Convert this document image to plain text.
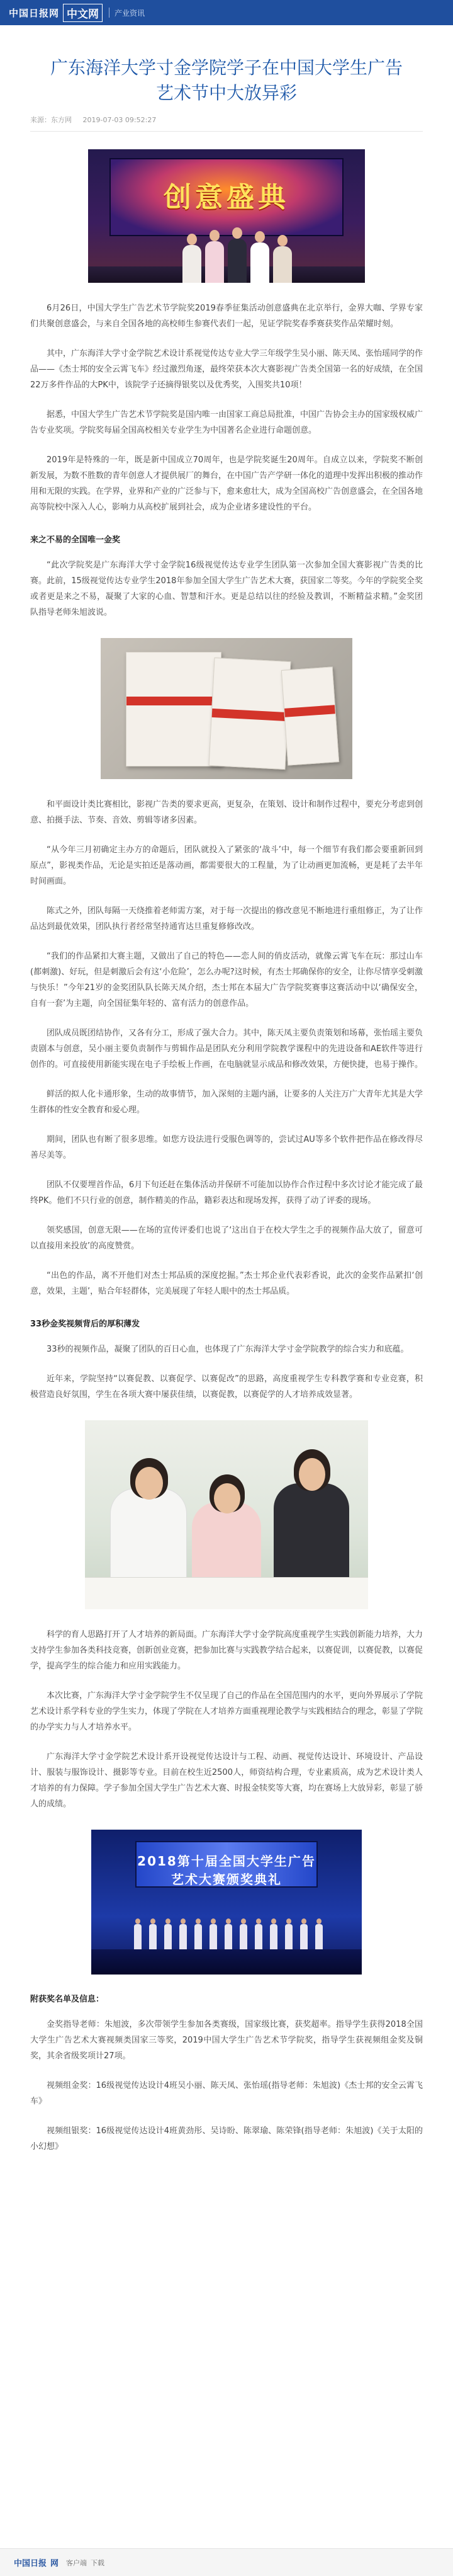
中国日报网 中文网	产业资讯
广东海洋大学寸金学院学子在中国大学生广告艺术节中大放异彩
来源：东方网 2019-07-03 09:52:27
创意盛典

6月26日，中国大学生广告艺术节学院奖2019春季征集活动创意盛典在北京举行，金界大咖、学界专家们共聚创意盛会，与来自全国各地的高校师生参赛代表们一起，见证学院奖春季赛获奖作品荣耀时刻。

其中，广东海洋大学寸金学院艺术设计系视觉传达专业大学三年级学生吴小丽、陈天凤、张怡瑶同学的作品——《杰士邦的安全云霄飞车》经过激烈角逐，最终荣获本次大赛影视广告类全国第一名的好成绩，在全国22万多件作品的大PK中，该院学子还摘得银奖以及优秀奖，入围奖共10项！

据悉，中国大学生广告艺术节学院奖是国内唯一由国家工商总局批准，中国广告协会主办的国家级权威广告专业奖项。学院奖每届全国高校相关专业学生为中国著名企业进行命题创意。

2019年是特殊的一年，既是新中国成立70周年，也是学院奖诞生20周年。自成立以来，学院奖不断创新发展，为数不胜数的青年创意人才提供展厂的舞台，在中国广告产学研一体化的道理中发挥出积极的推动作用和无限的实践。在学界，业界和产业的广泛参与下，愈来愈壮大，成为全国高校广告创意盛会，在全国各地高等院校中深入人心，影响力从高校扩展到社会，成为企业诸多建设性的平台。

来之不易的全国唯一金奖

“此次学院奖是广东海洋大学寸金学院16级视觉传达专业学生团队第一次参加全国大赛影视广告类的比赛。此前，15级视觉传达专业学生2018年参加全国大学生广告艺术大赛，获国家二等奖。今年的学院奖全奖或者更是来之不易，凝聚了大家的心血、智慧和汗水。更是总结以往的经验及教训，不断精益求精。”金奖团队指导老师朱旭波说。

和平面设计类比赛相比，影视广告类的要求更高，更复杂，在策划、设计和制作过程中，要充分考虑到创意、拍摄手法、节奏、音效、剪辑等诸多因素。

“从今年三月初确定主办方的命题后，团队就投入了紧张的‘战斗’中，每一个细节有我们都会要重新回到原点”，影视类作品，无论是实拍还是落动画，都需要很大的工程量，为了让动画更加流畅，更是耗了去半年时间画面。

陈式之外，团队每隔一天绕推着老师需方案，对于每一次提出的修改意见不断地进行重组修正，为了让作品达到最优效果，团队执行者经常坚持通宵达旦重复修修改改。

“我们的作品紧扣大赛主题，又做出了自己的特色——恋人间的俏皮活动，就像云霄飞车在玩：那过山车(都刺激)、好玩，但是刺激后会有这‘小危险’，怎么办呢?这时候，有杰士邦确保你的安全，让你尽情享受刺激与快乐！”今年21岁的金奖团队队长陈天凤介绍，杰士邦在本届大广告学院奖赛事这赛活动中以‘确保安全，自有一套’为主题，向全国征集年轻的、富有活力的创意作品。

团队成员既团结协作，又各有分工，形成了强大合力。其中，陈天凤主要负责策划和场幕，张怡瑶主要负责剧本与创意，吴小丽主要负责制作与剪辑作品是团队充分利用学院教学课程中的先进设备和AE软件等进行创作的。可直接使用新能实现在电子手绘板上作画，在电脑就显示成品和修改效果，方便快捷，也易于操作。

鲜活的拟人化卡通形象，生动的故事情节，加入深刻的主题内涵，让要多的人关注万广大青年尤其是大学生群体的性安全教育和爱心理。

期间，团队也有断了很多思维。如您方设法进行受服色调等的，尝试过AU等多个软件把作品在修改得尽善尽美等。

团队不仅要埋首作品，6月下旬还赶在集体活动并保研不可能加以协作合作过程中多次讨论才能完成了最终PK。他们不只行业的创意，制作精美的作品，籍彩表达和现场发挥，获得了动了评委的现场。

领奖感国，创意无限——在场的宣传评委们也说了‘这出自于在校大学生之手的视频作品大放了，留意可以直接用来投放’的高度赞赏。

“出色的作品，离不开他们对杰士邦品质的深度挖掘。”杰士邦企业代表彩香说，此次的金奖作品紧扣‘创意，效果，主题’，贴合年轻群体，完美展现了年轻人眼中的杰士邦品质。

33秒金奖视频背后的厚积薄发

33秒的视频作品，凝聚了团队的百日心血，也体现了广东海洋大学寸金学院教学的综合实力和底蕴。

近年来，学院坚持“以赛促教、以赛促学、以赛促改”的思路，高度重视学生专科教学赛和专业竞赛，积极营造良好氛围，学生在各项大赛中屡获佳绩，以赛促教，以赛促学的人才培养成效显著。

科学的育人思路打开了人才培养的新局面。广东海洋大学寸金学院高度重视学生实践创新能力培养，大力支持学生参加各类科技竞赛，创新创业竞赛，把参加比赛与实践教学结合起来，以赛促训，以赛促教，以赛促学，提高学生的综合能力和应用实践能力。

本次比赛，广东海洋大学寸金学院学生不仅呈现了自己的作品在全国范围内的水平，更向外界展示了学院艺术设计系学科专业的学生实力，体现了学院在人才培养方面重视理论教学与实践相结合的理念，彰显了学院的办学实力与人才培养水平。

广东海洋大学寸金学院艺术设计系开设视觉传达设计与工程、动画、视觉传达设计、环境设计、产品设计、服装与服饰设计、摄影等专业。目前在校生近2500人，师资结构合理，专业素质高，成为艺术设计类人才培养的有力保障。学子参加全国大学生广告艺术大赛、时报金犊奖等大赛，均在赛场上大放异彩，彰显了骄人的成绩。

2018第十届全国大学生广告艺术大赛颁奖典礼
附获奖名单及信息：

金奖指导老师：朱旭波，多次带领学生参加各类赛级，国家级比赛，获奖超率。指导学生获得2018全国大学生广告艺术大赛视频类国家三等奖，2019中国大学生广告艺术节学院奖，指导学生获视频组金奖及铜奖，其余省级奖项计27项。

视频组金奖：16级视觉传达设计4班吴小丽、陈天凤、张怡瑶(指导老师：朱旭波)《杰士邦的安全云霄飞车》

视频组银奖：16级视觉传达设计4班黄劲彤、吴诗盼、陈翠瑜、陈荣锋(指导老师：朱旭波)《关于太阳的小幻想》

中国日报 网 客户端 下载
